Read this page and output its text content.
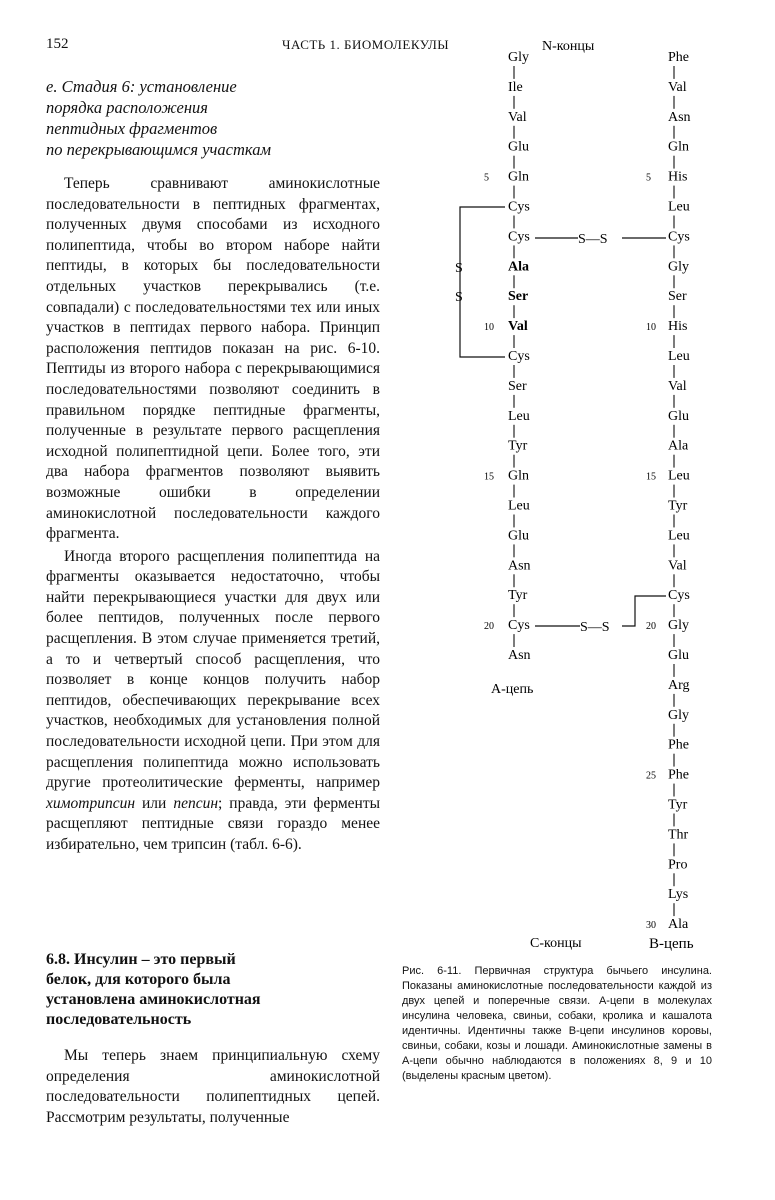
152	ЧАСТЬ 1. БИОМОЛЕКУЛЫ
е. Стадия 6: установление
порядка расположения
пептидных фрагментов
по перекрывающимся участкам

Теперь сравнивают аминокислотные последовательности в пептидных фрагментах, полученных двумя способами из исходного полипептида, чтобы во втором наборе найти пептиды, в которых бы последовательности отдельных участков перекрывались (т.е. совпадали) с последовательностями тех или иных участков в пептидах первого набора. Принцип расположения пептидов показан на рис. 6-10. Пептиды из второго набора с перекрывающимися последовательностями позволяют соединить в правильном порядке пептидные фрагменты, полученные в результате первого расщепления исходной полипептидной цепи. Более того, эти два набора фрагментов позволяют выявить возможные ошибки в определении аминокислотной последовательности каждого фрагмента.

Иногда второго расщепления полипептида на фрагменты оказывается недостаточно, чтобы найти перекрывающиеся участки для двух или более пептидов, полученных после первого расщепления. В этом случае применяется третий, а то и четвертый способ расщепления, что позволяет в конце концов получить набор пептидов, обеспечивающих перекрывание всех участков, необходимых для установления полной последовательности исходной цепи. При этом для расщепления полипептида можно использовать другие протеолитические ферменты, например химотрипсин или пепсин; правда, эти ферменты расщепляют пептидные связи гораздо менее избирательно, чем трипсин (табл. 6-6).

6.8. Инсулин – это первый
белок, для которого была
установлена аминокислотная
последовательность

Мы теперь знаем принципиальную схему определения аминокислотной последовательности полипептидных цепей. Рассмотрим результаты, полученные

N-концы
С-концы
А-цепь
В-цепь
S
S
S—S
S—S
Gly
Ile
Val
Glu
Gln
5
Cys
Cys
Ala
Ser
Val
10
Cys
Ser
Leu
Tyr
Gln
15
Leu
Glu
Asn
Tyr
Cys
20
Asn
Phe
Val
Asn
Gln
His
5
Leu
Cys
Gly
Ser
His
10
Leu
Val
Glu
Ala
Leu
15
Tyr
Leu
Val
Cys
Gly
20
Glu
Arg
Gly
Phe
Phe
25
Tyr
Thr
Pro
Lys
Ala
30
Рис. 6-11. Первичная структура бычьего инсулина. Показаны аминокислотные последовательности каждой из двух цепей и поперечные связи. А-цепи в молекулах инсулина человека, свиньи, собаки, кролика и кашалота идентичны. Идентичны также В-цепи инсулинов коровы, свиньи, собаки, козы и лошади. Аминокислотные замены в А-цепи обычно наблюдаются в положениях 8, 9 и 10 (выделены красным цветом).
